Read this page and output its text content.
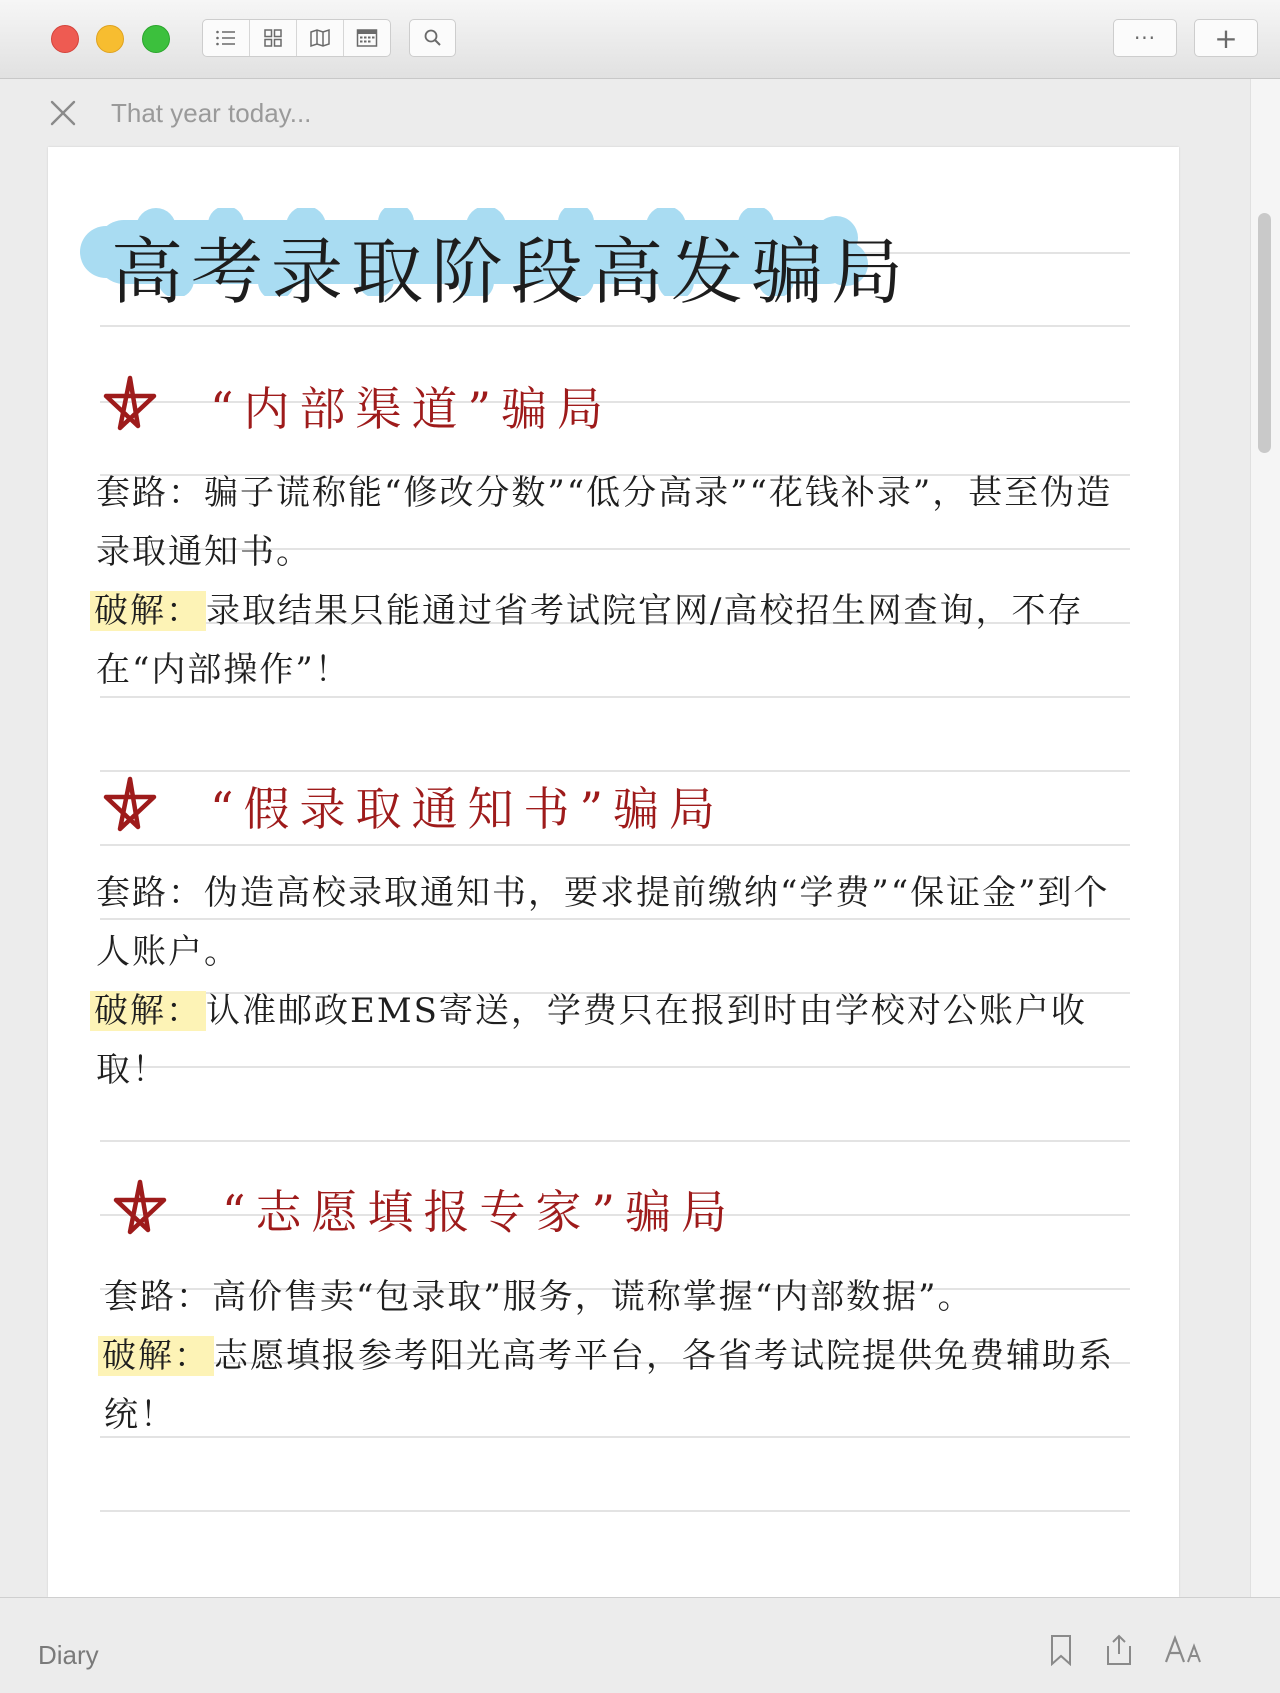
···	+
That year today...
高考录取阶段高发骗局
“内部渠道”骗局
套路：骗子谎称能“修改分数”“低分高录”“花钱补录”，甚至伪造录取通知书。
破解： 录取结果只能通过省考试院官网/高校招生网查询，不存在“内部操作”！
“假录取通知书”骗局
套路：伪造高校录取通知书，要求提前缴纳“学费”“保证金”到个人账户。
破解： 认准邮政EMS寄送，学费只在报到时由学校对公账户收取！
“志愿填报专家”骗局
套路：高价售卖“包录取”服务，谎称掌握“内部数据”。
破解： 志愿填报参考阳光高考平台，各省考试院提供免费辅助系统！
Diary
